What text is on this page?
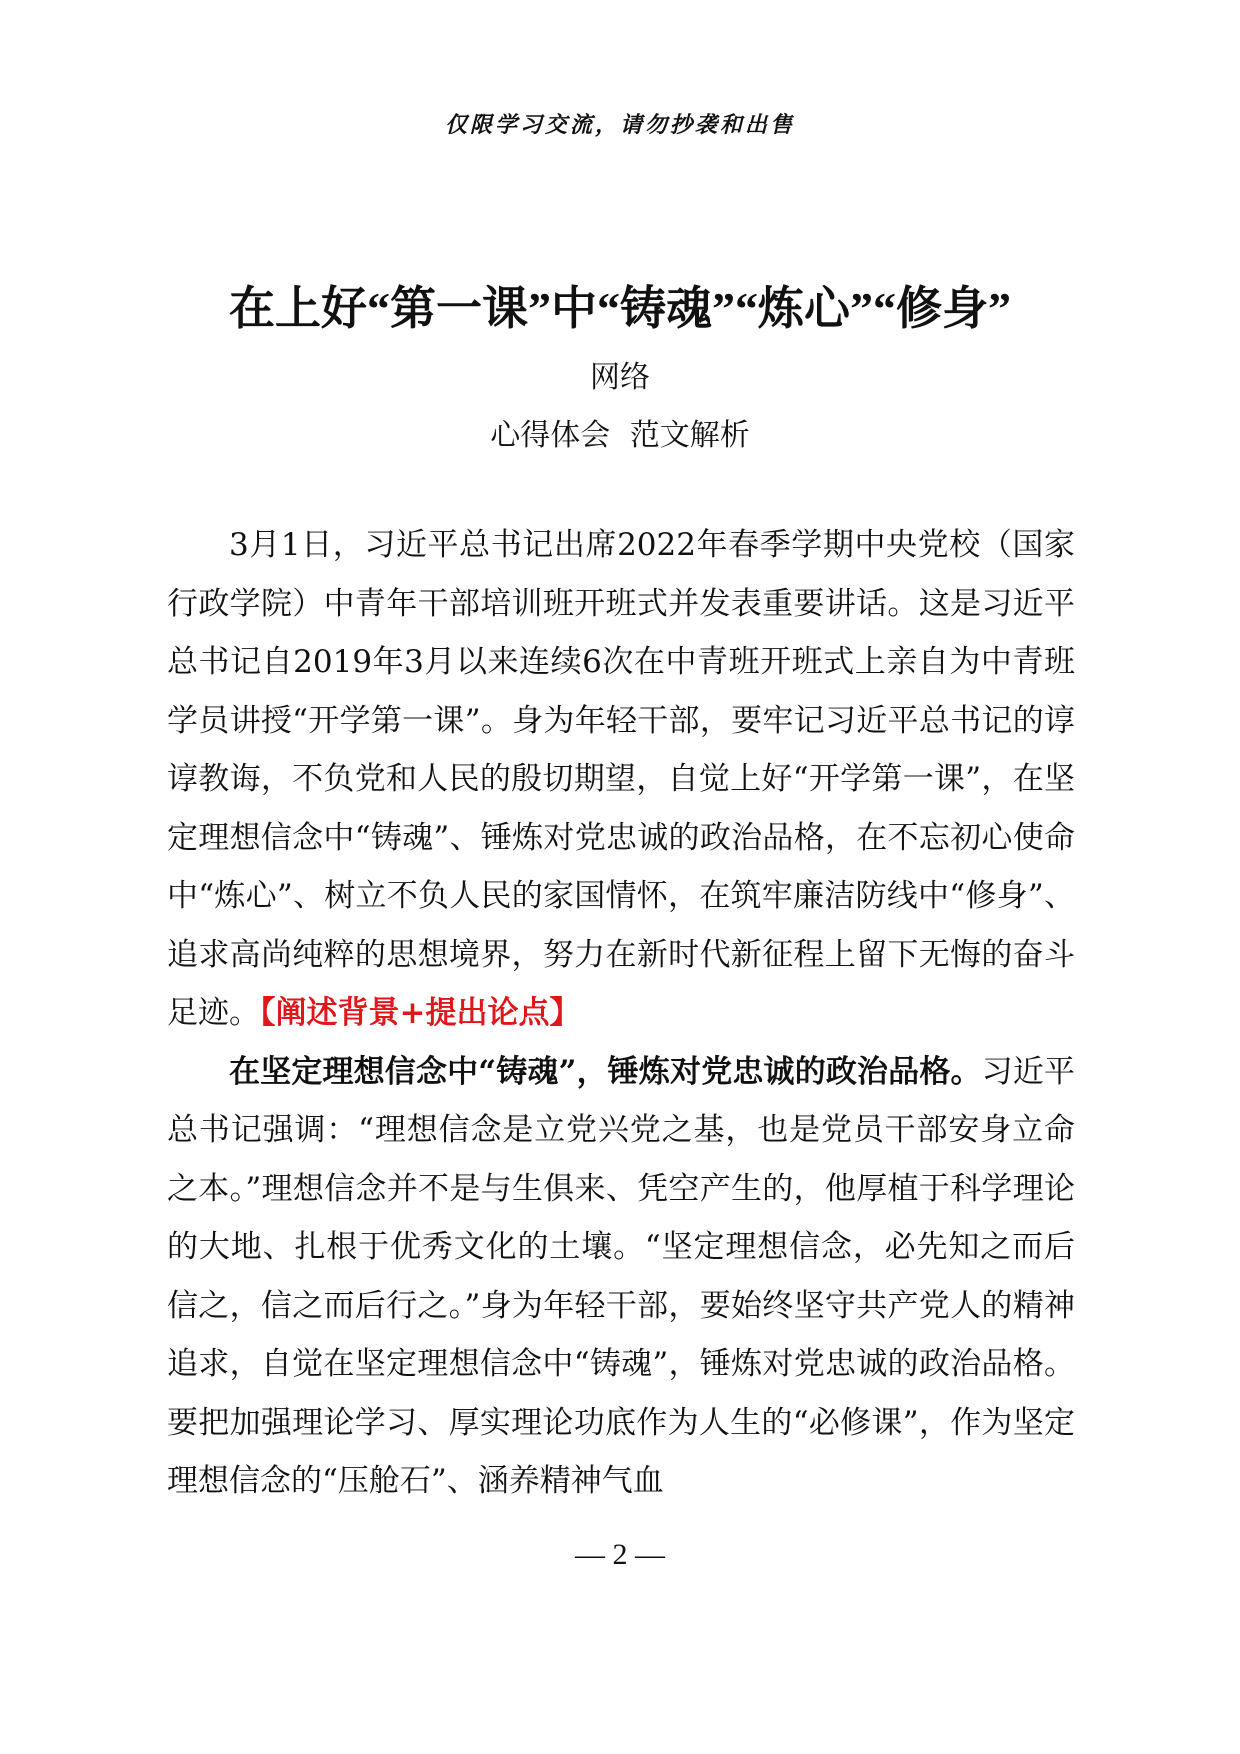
仅限学习交流，请勿抄袭和出售
在上好“第一课”中“铸魂”“炼心”“修身”
网络
心得体会 范文解析

3月1日，习近平总书记出席2022年春季学期中央党校（国家行政学院）中青年干部培训班开班式并发表重要讲话。这是习近平总书记自2019年3月以来连续6次在中青班开班式上亲自为中青班学员讲授“开学第一课”。身为年轻干部，要牢记习近平总书记的谆谆教诲，不负党和人民的殷切期望，自觉上好“开学第一课”，在坚定理想信念中“铸魂”、锤炼对党忠诚的政治品格，在不忘初心使命中“炼心”、树立不负人民的家国情怀，在筑牢廉洁防线中“修身”、追求高尚纯粹的思想境界，努力在新时代新征程上留下无悔的奋斗足迹。【阐述背景+提出论点】

在坚定理想信念中“铸魂”，锤炼对党忠诚的政治品格。习近平总书记强调：“理想信念是立党兴党之基，也是党员干部安身立命之本。”理想信念并不是与生俱来、凭空产生的，他厚植于科学理论的大地、扎根于优秀文化的土壤。“坚定理想信念，必先知之而后信之，信之而后行之。”身为年轻干部，要始终坚守共产党人的精神追求，自觉在坚定理想信念中“铸魂”，锤炼对党忠诚的政治品格。要把加强理论学习、厚实理论功底作为人生的“必修课”，作为坚定理想信念的“压舱石”、涵养精神气血

— 2 —
